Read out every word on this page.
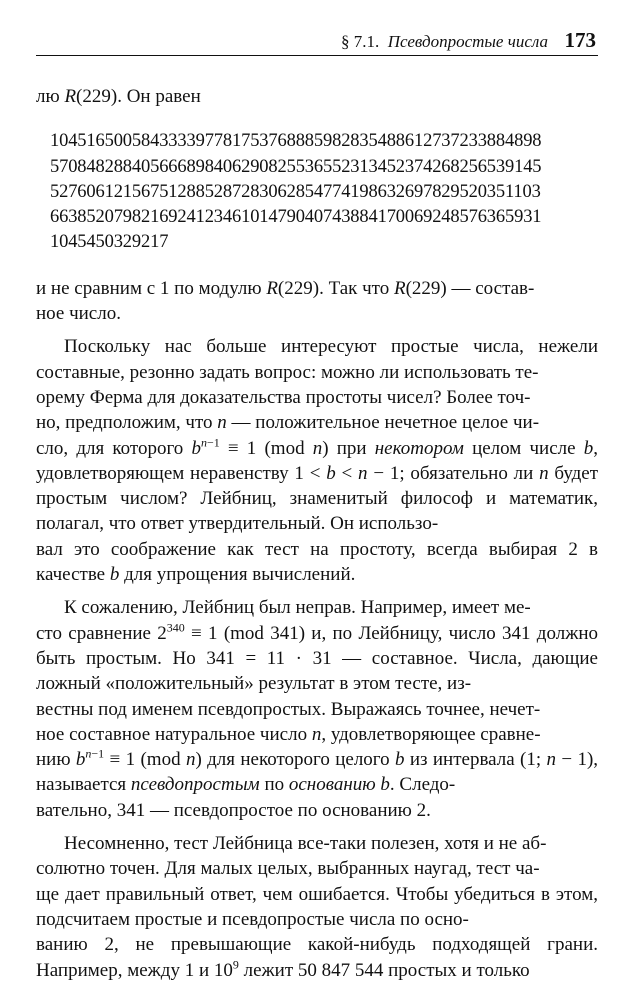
§ 7.1. Псевдопростые числа 173

лю R(229). Он равен

104516500584333397781753768885982835488612737233884898
570848288405666898406290825536552313452374268256539145
527606121567512885287283062854774198632697829520351103
663852079821692412346101479040743884170069248576365931
1045450329217

и не сравним с 1 по модулю R(229). Так что R(229) — состав-
ное число.

Поскольку нас больше интересуют простые числа, нежели составные, резонно задать вопрос: можно ли использовать те-
орему Ферма для доказательства простоты чисел? Более точ-
но, предположим, что n — положительное нечетное целое чи-
сло, для которого $b^{n-1} \equiv 1$ (mod n) при некотором целом числе b, удовлетворяющем неравенству 1 < b < n − 1; обязательно ли n будет простым числом? Лейбниц, знаменитый философ и математик, полагал, что ответ утвердительный. Он использо-
вал это соображение как тест на простоту, всегда выбирая 2 в качестве b для упрощения вычислений.

К сожалению, Лейбниц был неправ. Например, имеет ме-
сто сравнение $2^{340} \equiv 1$ (mod 341) и, по Лейбницу, число 341 должно быть простым. Но 341 = 11 · 31 — составное. Числа, дающие ложный «положительный» результат в этом тесте, из-
вестны под именем псевдопростых. Выражаясь точнее, нечет-
ное составное натуральное число n, удовлетворяющее сравне-
нию $b^{n-1} \equiv 1$ (mod n) для некоторого целого b из интервала (1; n − 1), называется псевдопростым по основанию b. Следо-
вательно, 341 — псевдопростое по основанию 2.

Несомненно, тест Лейбница все-таки полезен, хотя и не аб-
солютно точен. Для малых целых, выбранных наугад, тест ча-
ще дает правильный ответ, чем ошибается. Чтобы убедиться в этом, подсчитаем простые и псевдопростые числа по осно-
ванию 2, не превышающие какой-нибудь подходящей грани. Например, между 1 и $10^9$ лежит 50 847 544 простых и только
